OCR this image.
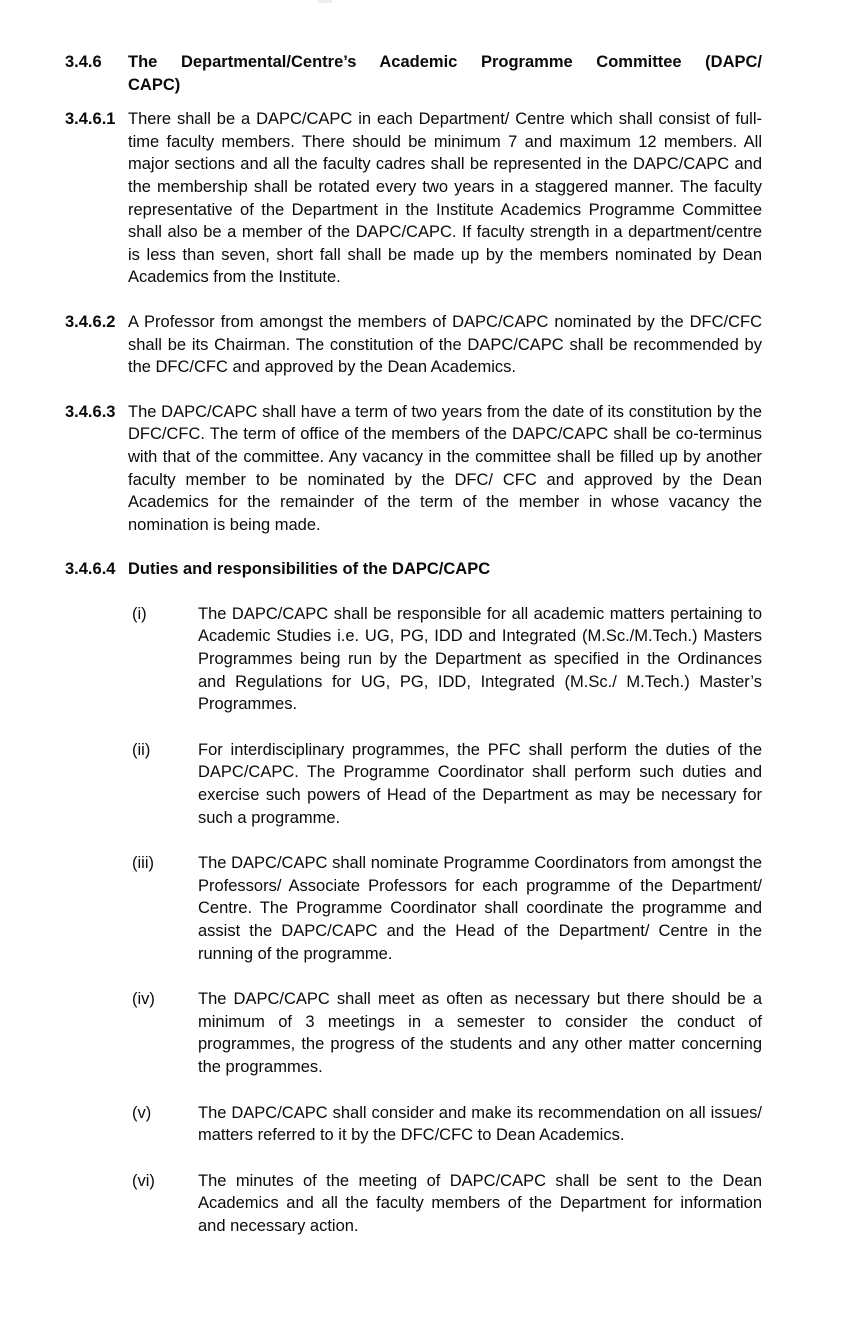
3.4.6	The Departmental/Centre’s Academic Programme Committee (DAPC/
CAPC)
3.4.6.1 There shall be a DAPC/CAPC in each Department/ Centre which shall consist of full-time faculty members. There should be minimum 7 and maximum 12 members. All major sections and all the faculty cadres shall be represented in the DAPC/CAPC and the membership shall be rotated every two years in a staggered manner. The faculty representative of the Department in the Institute Academics Programme Committee shall also be a member of the DAPC/CAPC. If faculty strength in a department/centre is less than seven, short fall shall be made up by the members nominated by Dean Academics from the Institute.
3.4.6.2 A Professor from amongst the members of DAPC/CAPC nominated by the DFC/CFC shall be its Chairman. The constitution of the DAPC/CAPC shall be recommended by the DFC/CFC and approved by the Dean Academics.
3.4.6.3 The DAPC/CAPC shall have a term of two years from the date of its constitution by the DFC/CFC. The term of office of the members of the DAPC/CAPC shall be co-terminus with that of the committee. Any vacancy in the committee shall be filled up by another faculty member to be nominated by the DFC/ CFC and approved by the Dean Academics for the remainder of the term of the member in whose vacancy the nomination is being made.
3.4.6.4 Duties and responsibilities of the DAPC/CAPC
(i)	The DAPC/CAPC shall be responsible for all academic matters pertaining to Academic Studies i.e. UG, PG, IDD and Integrated (M.Sc./M.Tech.) Masters Programmes being run by the Department as specified in the Ordinances and Regulations for UG, PG, IDD, Integrated (M.Sc./ M.Tech.) Master’s Programmes.
(ii)	For interdisciplinary programmes, the PFC shall perform the duties of the DAPC/CAPC. The Programme Coordinator shall perform such duties and exercise such powers of Head of the Department as may be necessary for such a programme.
(iii)	The DAPC/CAPC shall nominate Programme Coordinators from amongst the Professors/ Associate Professors for each programme of the Department/ Centre. The Programme Coordinator shall coordinate the programme and assist the DAPC/CAPC and the Head of the Department/ Centre in the running of the programme.
(iv)	The DAPC/CAPC shall meet as often as necessary but there should be a minimum of 3 meetings in a semester to consider the conduct of programmes, the progress of the students and any other matter concerning the programmes.
(v)	The DAPC/CAPC shall consider and make its recommendation on all issues/ matters referred to it by the DFC/CFC to Dean Academics.
(vi)	The minutes of the meeting of DAPC/CAPC shall be sent to the Dean Academics and all the faculty members of the Department for information and necessary action.
